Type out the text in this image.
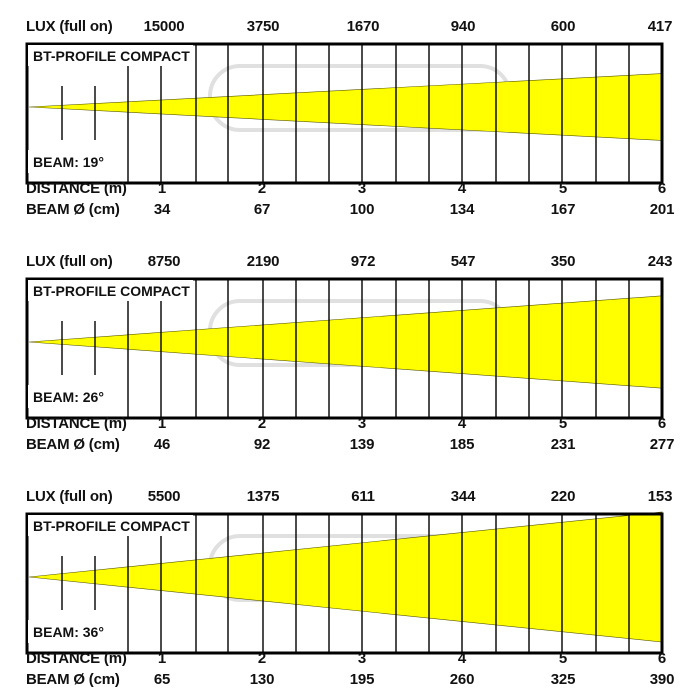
LUX (full on) 15000	3750	1670	940	600	417
BT-PROFILE COMPACT
BEAM: 19°
DISTANCE (m) 1	2	3	4	5	6
BEAM Ø (cm) 34	67	100	134	167	201
LUX (full on) 8750	2190	972	547	350	243
BT-PROFILE COMPACT
BEAM: 26°
DISTANCE (m) 1	2	3	4	5	6
BEAM Ø (cm) 46	92	139	185	231	277
LUX (full on) 5500	1375	611	344	220	153
BT-PROFILE COMPACT
BEAM: 36°
DISTANCE (m) 1	2	3	4	5	6
BEAM Ø (cm) 65	130	195	260	325	390
